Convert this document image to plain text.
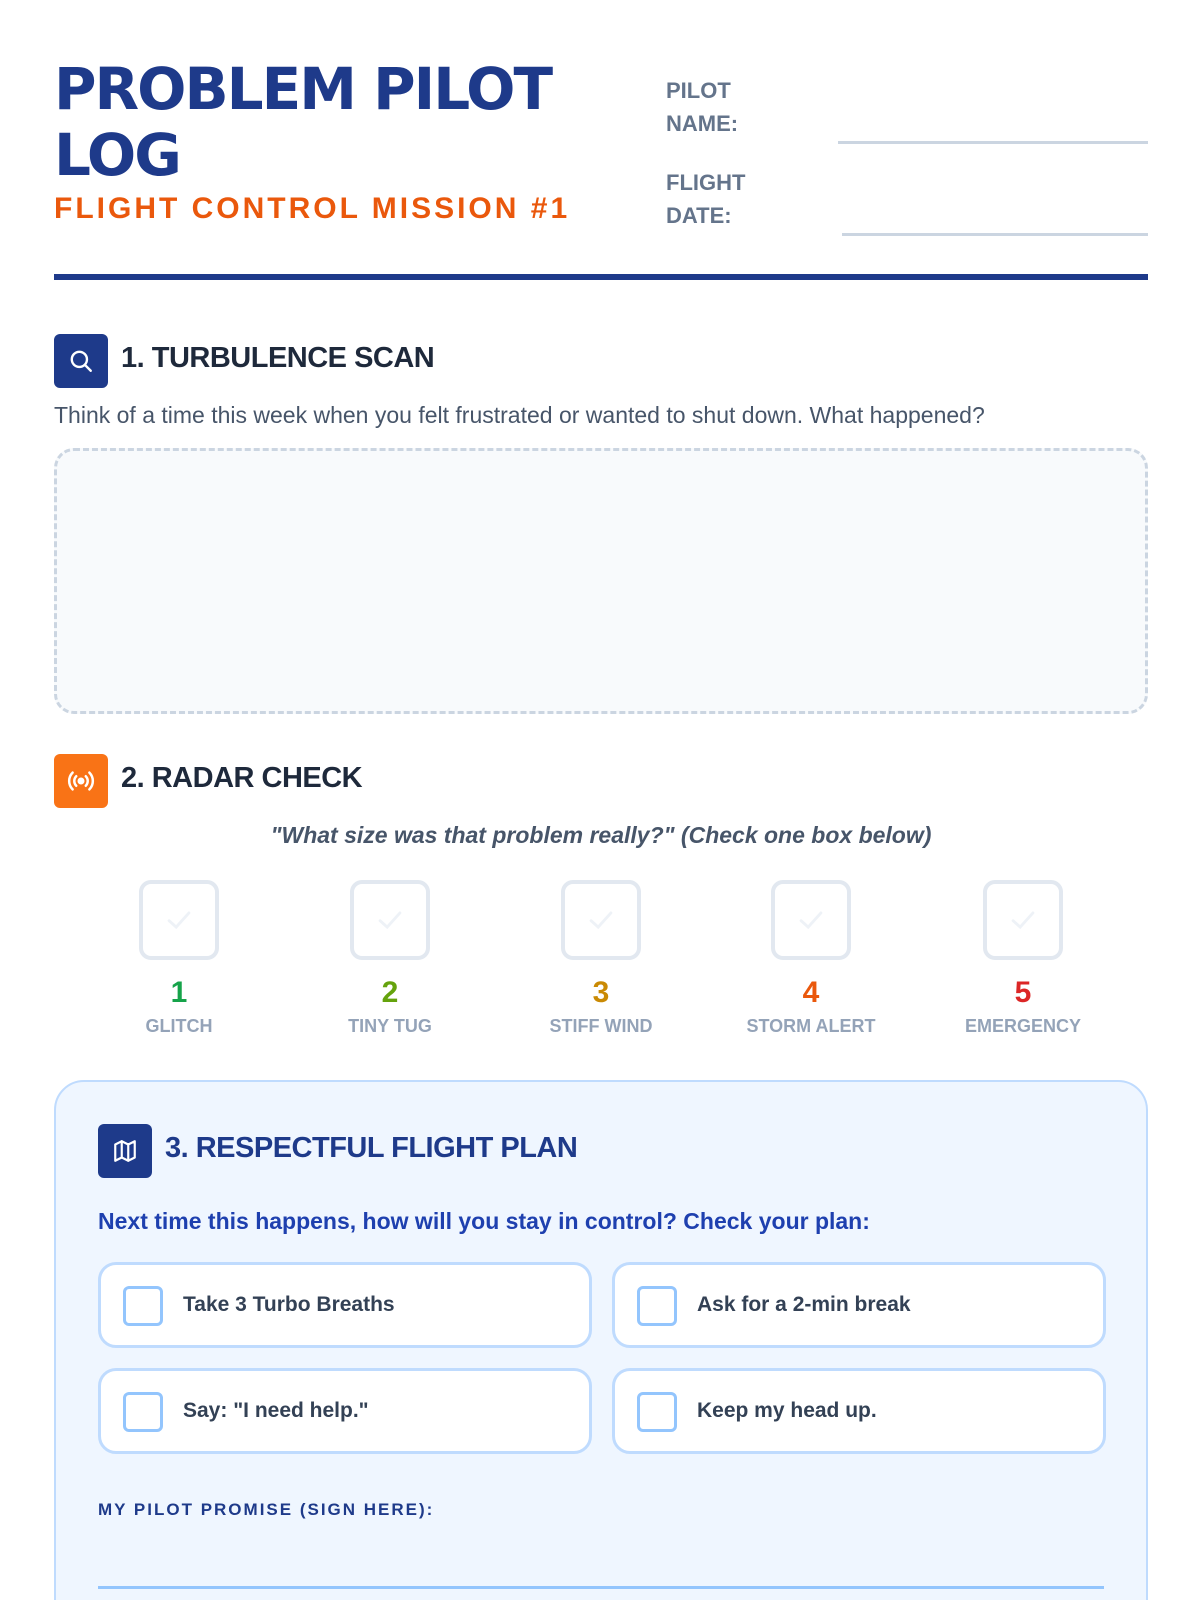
PROBLEM PILOT LOG
FLIGHT CONTROL MISSION #1
PILOT NAME:
FLIGHT DATE:
1. TURBULENCE SCAN
Think of a time this week when you felt frustrated or wanted to shut down. What happened?
2. RADAR CHECK
"What size was that problem really?" (Check one box below)
1
GLITCH
2
TINY TUG
3
STIFF WIND
4
STORM ALERT
5
EMERGENCY
3. RESPECTFUL FLIGHT PLAN
Next time this happens, how will you stay in control? Check your plan:
Take 3 Turbo Breaths	Ask for a 2-min break
Say: "I need help."	Keep my head up.
MY PILOT PROMISE (SIGN HERE):
